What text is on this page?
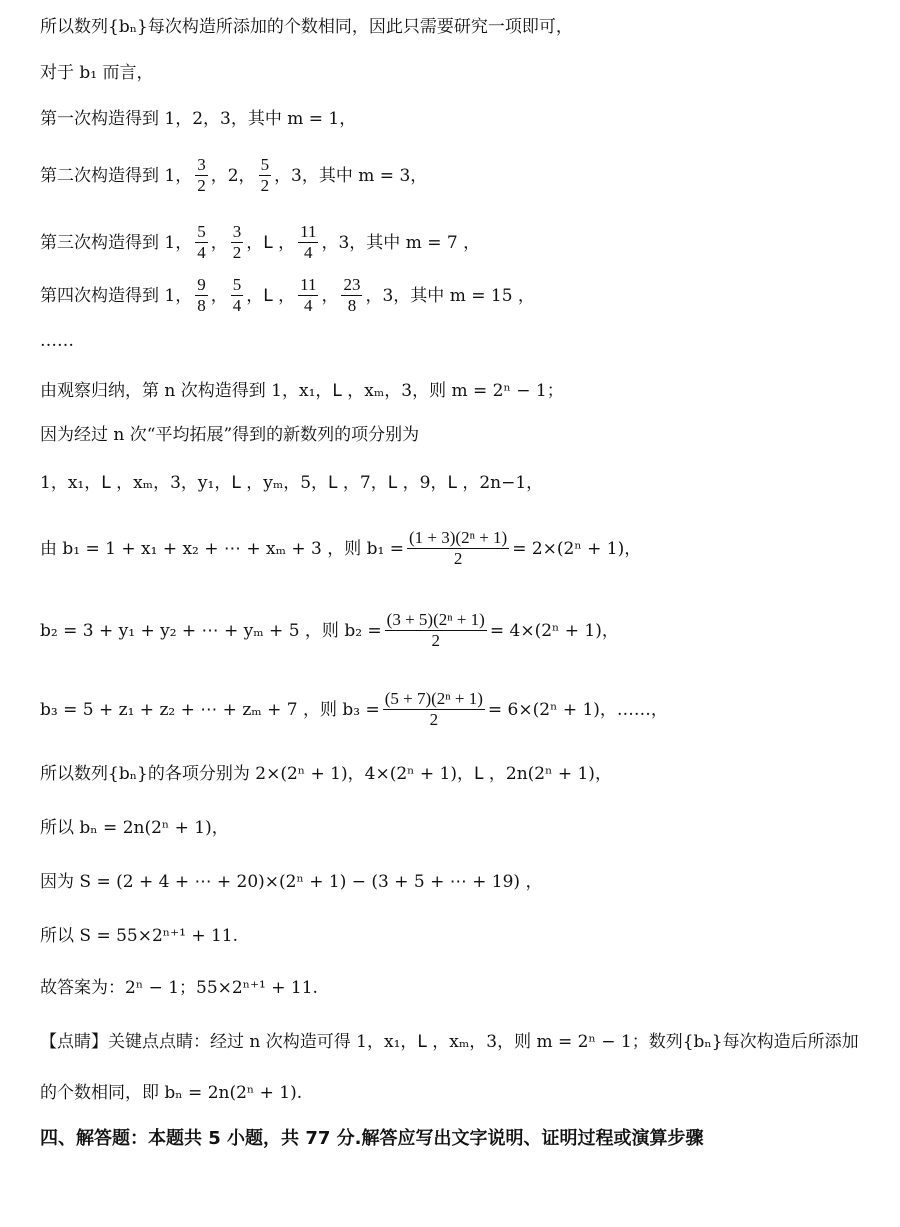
所以数列{bₙ}每次构造所添加的个数相同，因此只需要研究一项即可，
对于 b₁ 而言，
第一次构造得到 1，2，3，其中 m = 1，
第二次构造得到 1， $\frac{3}{2}$ ，2， $\frac{5}{2}$ ，3，其中 m = 3，
第三次构造得到 1， $\frac{5}{4}$ ， $\frac{3}{2}$ ，ᒪ ， $\frac{11}{4}$ ，3，其中 m = 7 ，
第四次构造得到 1， $\frac{9}{8}$ ， $\frac{5}{4}$ ，ᒪ ， $\frac{11}{4}$ ， $\frac{23}{8}$ ，3，其中 m = 15 ，
……
由观察归纳，第 n 次构造得到 1，x₁，ᒪ ，xₘ，3，则 m = 2ⁿ − 1；
因为经过 n 次“平均拓展”得到的新数列的项分别为
1，x₁，ᒪ ，xₘ，3，y₁，ᒪ ，yₘ，5，ᒪ ，7，ᒪ ，9，ᒪ ，2n−1，
由 b₁ = 1 + x₁ + x₂ + ⋯ + xₘ + 3 ，则 $b_1 = \frac{\text{(1 + 3)(2ⁿ + 1)}}{2} = 2\times(2^n + 1)$，
b₂ = 3 + y₁ + y₂ + ⋯ + yₘ + 5 ，则 $b_2 = \frac{\text{(3 + 5)(2ⁿ + 1)}}{2} = 4\times(2^n + 1)$，
b₃ = 5 + z₁ + z₂ + ⋯ + zₘ + 7 ，则 $b_3 = \frac{\text{(5 + 7)(2ⁿ + 1)}}{2} = 6\times(2^n + 1)$，……，
所以数列{bₙ}的各项分别为 2×(2ⁿ + 1)，4×(2ⁿ + 1)，ᒪ ，2n(2ⁿ + 1)，
所以 bₙ = 2n(2ⁿ + 1)，
因为 S = (2 + 4 + ⋯ + 20)×(2ⁿ + 1) − (3 + 5 + ⋯ + 19) ，
所以 S = 55×2ⁿ⁺¹ + 11.
故答案为：2ⁿ − 1；55×2ⁿ⁺¹ + 11.
【点睛】关键点点睛：经过 n 次构造可得 1，x₁，ᒪ ，xₘ，3，则 m = 2ⁿ − 1；数列{bₙ}每次构造后所添加
的个数相同，即 bₙ = 2n(2ⁿ + 1).
四、解答题：本题共 5 小题，共 77 分.解答应写出文字说明、证明过程或演算步骤
